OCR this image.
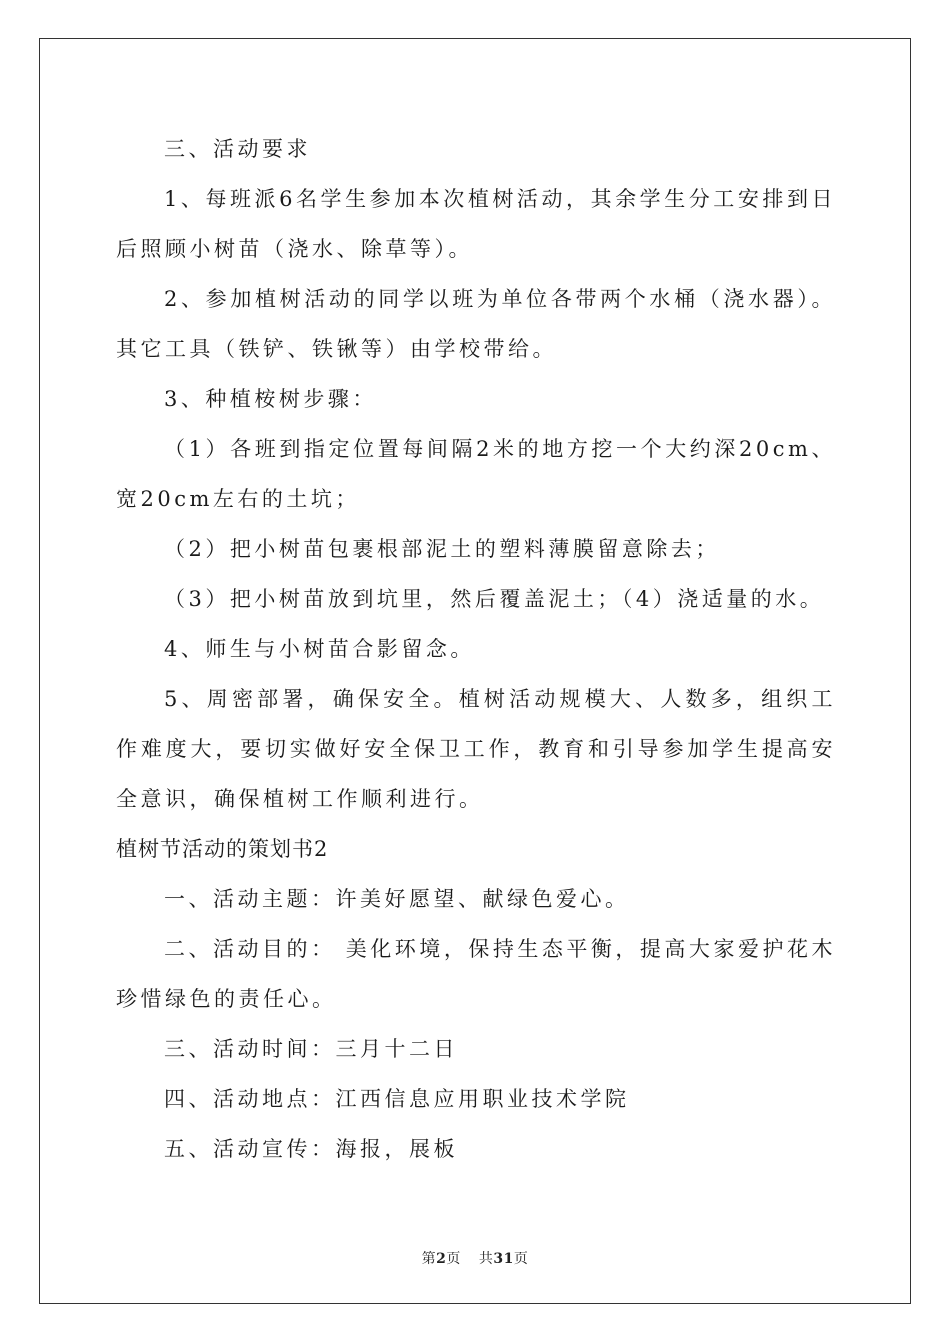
三、活动要求

1、每班派6名学生参加本次植树活动，其余学生分工安排到日后照顾小树苗（浇水、除草等）。

2、参加植树活动的同学以班为单位各带两个水桶（浇水器）。其它工具（铁铲、铁锹等）由学校带给。

3、种植桉树步骤：

（1）各班到指定位置每间隔2米的地方挖一个大约深20cm、宽20cm左右的土坑；

（2）把小树苗包裹根部泥土的塑料薄膜留意除去；

（3）把小树苗放到坑里，然后覆盖泥土；（4）浇适量的水。

4、师生与小树苗合影留念。

5、周密部署，确保安全。植树活动规模大、人数多，组织工作难度大，要切实做好安全保卫工作，教育和引导参加学生提高安全意识，确保植树工作顺利进行。

植树节活动的策划书2

一、活动主题：许美好愿望、献绿色爱心。

二、活动目的： 美化环境，保持生态平衡，提高大家爱护花木珍惜绿色的责任心。

三、活动时间：三月十二日

四、活动地点：江西信息应用职业技术学院

五、活动宣传：海报，展板

第2页 共31页
